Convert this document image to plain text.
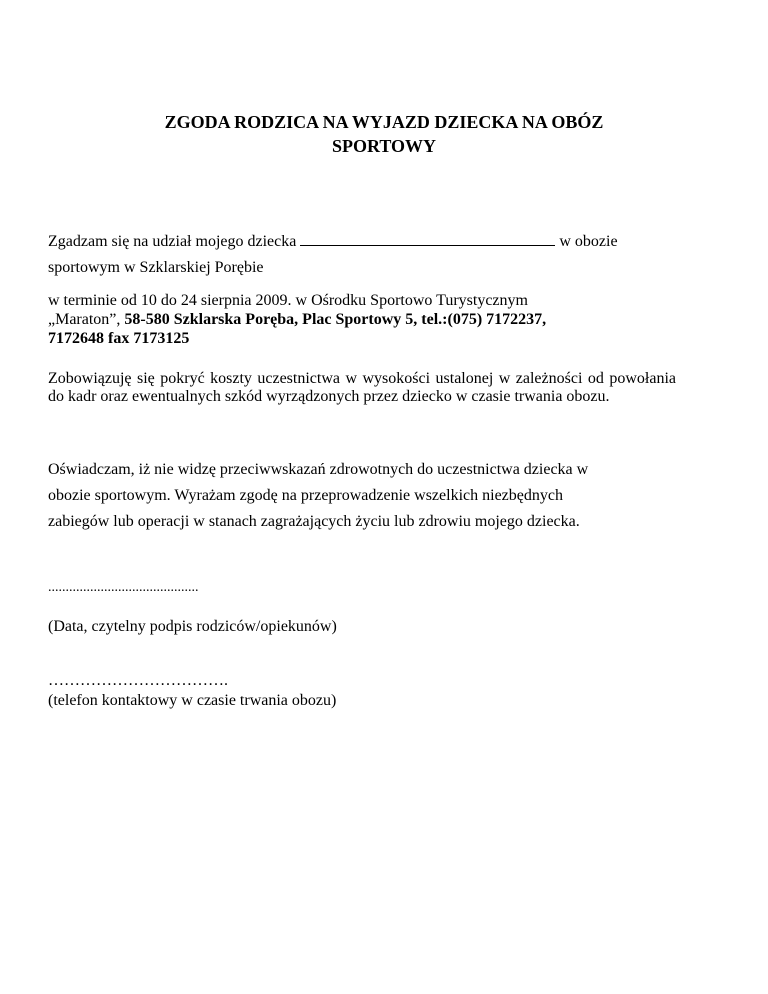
ZGODA RODZICA NA WYJAZD DZIECKA NA OBÓZ
SPORTOWY
Zgadzam się na udział mojego dziecka	w obozie
sportowym w Szklarskiej Porębie
w terminie od 10 do 24 sierpnia 2009. w Ośrodku Sportowo Turystycznym
„Maraton”, 58-580 Szklarska Poręba, Plac Sportowy 5, tel.:(075) 7172237,
7172648 fax 7173125
Zobowiązuję się pokryć koszty uczestnictwa w wysokości ustalonej w zależności od powołania do kadr oraz ewentualnych szkód wyrządzonych przez dziecko w czasie trwania obozu.
Oświadczam, iż nie widzę przeciwwskazań zdrowotnych do uczestnictwa dziecka w
obozie sportowym. Wyrażam zgodę na przeprowadzenie wszelkich niezbędnych
zabiegów lub operacji w stanach zagrażających życiu lub zdrowiu mojego dziecka.
...........................................
(Data, czytelny podpis rodziców/opiekunów)
…………………………….
(telefon kontaktowy w czasie trwania obozu)
